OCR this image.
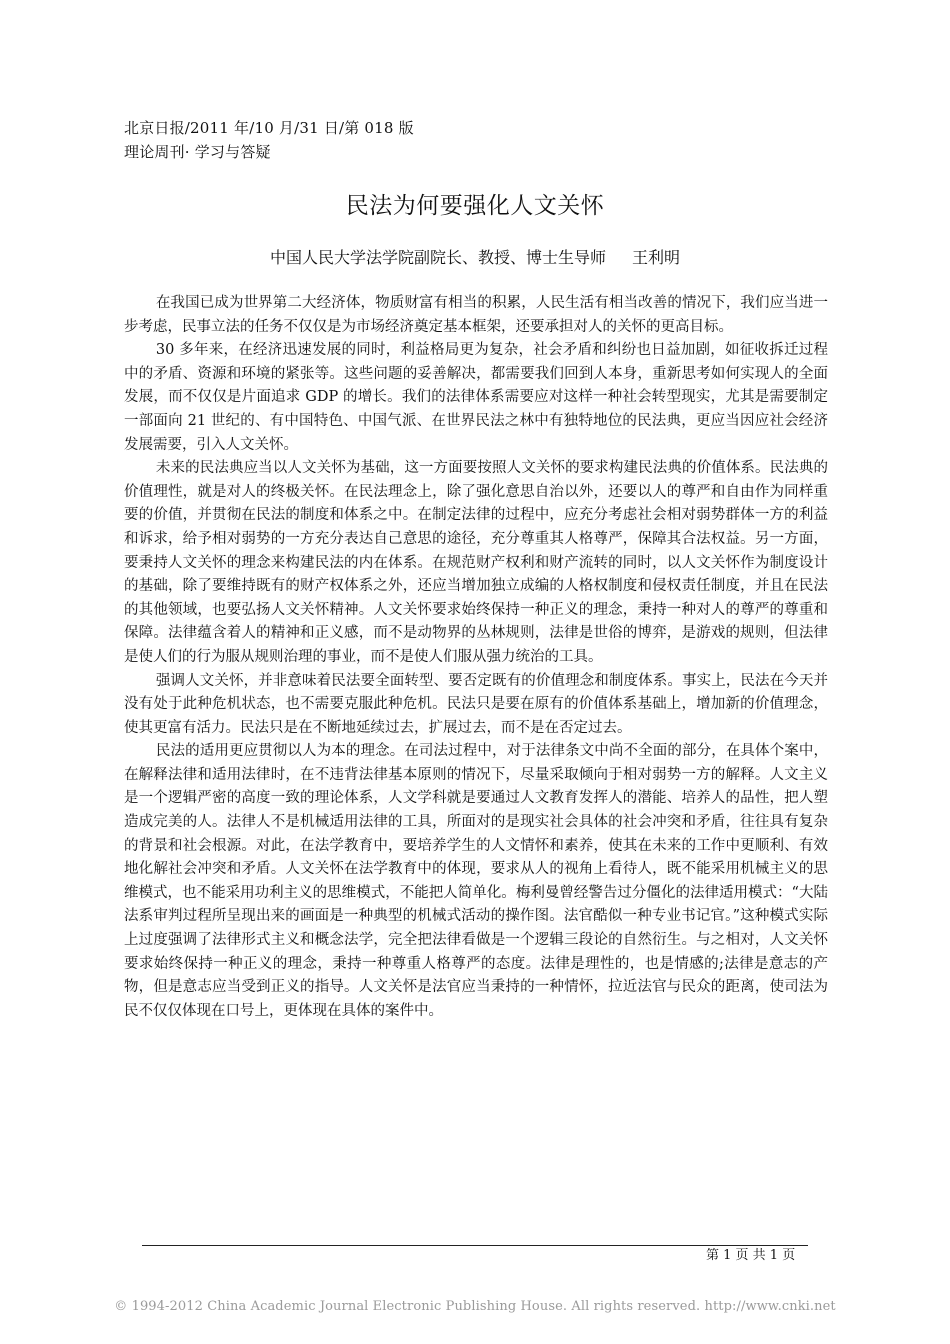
北京日报/2011 年/10 月/31 日/第 018 版
理论周刊· 学习与答疑
民法为何要强化人文关怀
中国人民大学法学院副院长、教授、博士生导师 王利明

在我国已成为世界第二大经济体，物质财富有相当的积累，人民生活有相当改善的情况下，我们应当进一步考虑，民事立法的任务不仅仅是为市场经济奠定基本框架，还要承担对人的关怀的更高目标。

30 多年来，在经济迅速发展的同时，利益格局更为复杂，社会矛盾和纠纷也日益加剧，如征收拆迁过程中的矛盾、资源和环境的紧张等。这些问题的妥善解决，都需要我们回到人本身，重新思考如何实现人的全面发展，而不仅仅是片面追求 GDP 的增长。我们的法律体系需要应对这样一种社会转型现实，尤其是需要制定一部面向 21 世纪的、有中国特色、中国气派、在世界民法之林中有独特地位的民法典，更应当因应社会经济发展需要，引入人文关怀。

未来的民法典应当以人文关怀为基础，这一方面要按照人文关怀的要求构建民法典的价值体系。民法典的价值理性，就是对人的终极关怀。在民法理念上，除了强化意思自治以外，还要以人的尊严和自由作为同样重要的价值，并贯彻在民法的制度和体系之中。在制定法律的过程中，应充分考虑社会相对弱势群体一方的利益和诉求，给予相对弱势的一方充分表达自己意思的途径，充分尊重其人格尊严，保障其合法权益。另一方面，要秉持人文关怀的理念来构建民法的内在体系。在规范财产权利和财产流转的同时，以人文关怀作为制度设计的基础，除了要维持既有的财产权体系之外，还应当增加独立成编的人格权制度和侵权责任制度，并且在民法的其他领域，也要弘扬人文关怀精神。人文关怀要求始终保持一种正义的理念，秉持一种对人的尊严的尊重和保障。法律蕴含着人的精神和正义感，而不是动物界的丛林规则，法律是世俗的博弈，是游戏的规则，但法律是使人们的行为服从规则治理的事业，而不是使人们服从强力统治的工具。

强调人文关怀，并非意味着民法要全面转型、要否定既有的价值理念和制度体系。事实上，民法在今天并没有处于此种危机状态，也不需要克服此种危机。民法只是要在原有的价值体系基础上，增加新的价值理念，使其更富有活力。民法只是在不断地延续过去，扩展过去，而不是在否定过去。

民法的适用更应贯彻以人为本的理念。在司法过程中，对于法律条文中尚不全面的部分，在具体个案中，在解释法律和适用法律时，在不违背法律基本原则的情况下，尽量采取倾向于相对弱势一方的解释。人文主义是一个逻辑严密的高度一致的理论体系，人文学科就是要通过人文教育发挥人的潜能、培养人的品性，把人塑造成完美的人。法律人不是机械适用法律的工具，所面对的是现实社会具体的社会冲突和矛盾，往往具有复杂的背景和社会根源。对此，在法学教育中，要培养学生的人文情怀和素养，使其在未来的工作中更顺利、有效地化解社会冲突和矛盾。人文关怀在法学教育中的体现，要求从人的视角上看待人，既不能采用机械主义的思维模式，也不能采用功利主义的思维模式，不能把人简单化。梅利曼曾经警告过分僵化的法律适用模式：“大陆法系审判过程所呈现出来的画面是一种典型的机械式活动的操作图。法官酷似一种专业书记官。”这种模式实际上过度强调了法律形式主义和概念法学，完全把法律看做是一个逻辑三段论的自然衍生。与之相对，人文关怀要求始终保持一种正义的理念，秉持一种尊重人格尊严的态度。法律是理性的，也是情感的;法律是意志的产物，但是意志应当受到正义的指导。人文关怀是法官应当秉持的一种情怀，拉近法官与民众的距离，使司法为民不仅仅体现在口号上，更体现在具体的案件中。

第 1 页 共 1 页
© 1994-2012 China Academic Journal Electronic Publishing House. All rights reserved. http://www.cnki.net
